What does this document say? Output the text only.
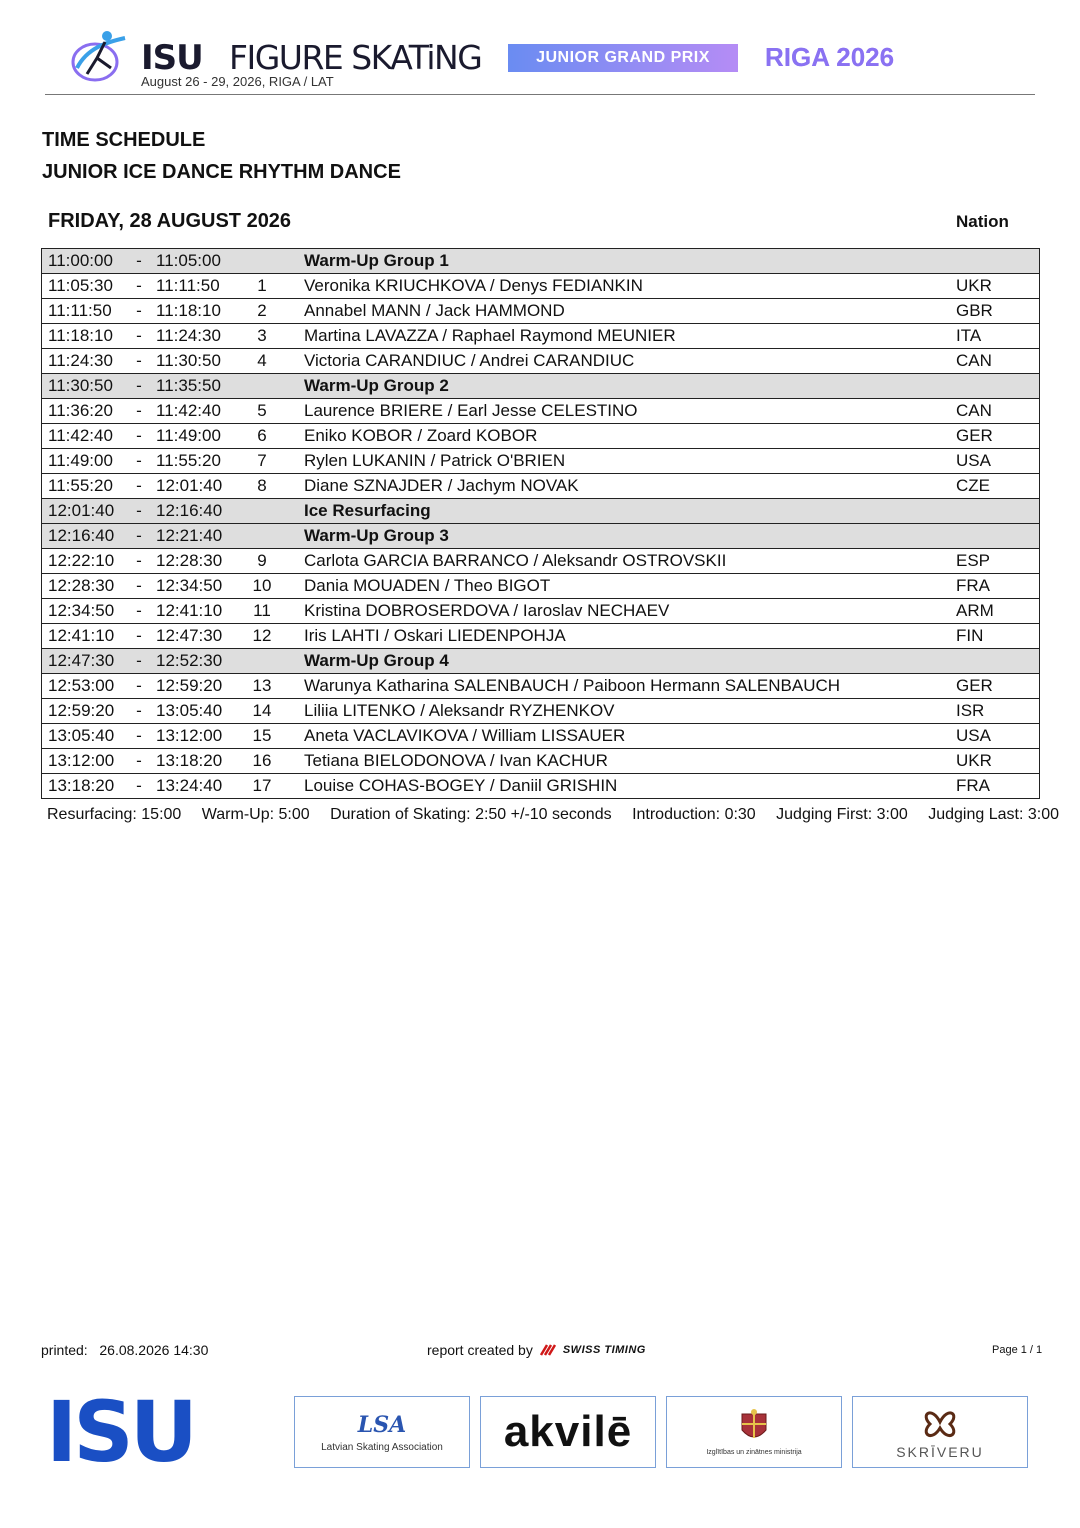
ISU FIGURE SKATiNG
August 26 - 29, 2026, RIGA / LAT
JUNIOR GRAND PRIX	RIGA 2026
TIME SCHEDULE
JUNIOR ICE DANCE RHYTHM DANCE
FRIDAY, 28 AUGUST 2026	Nation
11:00:00	-	11:05:00		Warm-Up Group 1	
11:05:30	-	11:11:50	1	Veronika KRIUCHKOVA / Denys FEDIANKIN	UKR
11:11:50	-	11:18:10	2	Annabel MANN / Jack HAMMOND	GBR
11:18:10	-	11:24:30	3	Martina LAVAZZA / Raphael Raymond MEUNIER	ITA
11:24:30	-	11:30:50	4	Victoria CARANDIUC / Andrei CARANDIUC	CAN
11:30:50	-	11:35:50		Warm-Up Group 2	
11:36:20	-	11:42:40	5	Laurence BRIERE / Earl Jesse CELESTINO	CAN
11:42:40	-	11:49:00	6	Eniko KOBOR / Zoard KOBOR	GER
11:49:00	-	11:55:20	7	Rylen LUKANIN / Patrick O'BRIEN	USA
11:55:20	-	12:01:40	8	Diane SZNAJDER / Jachym NOVAK	CZE
12:01:40	-	12:16:40		Ice Resurfacing	
12:16:40	-	12:21:40		Warm-Up Group 3	
12:22:10	-	12:28:30	9	Carlota GARCIA BARRANCO / Aleksandr OSTROVSKII	ESP
12:28:30	-	12:34:50	10	Dania MOUADEN / Theo BIGOT	FRA
12:34:50	-	12:41:10	11	Kristina DOBROSERDOVA / Iaroslav NECHAEV	ARM
12:41:10	-	12:47:30	12	Iris LAHTI / Oskari LIEDENPOHJA	FIN
12:47:30	-	12:52:30		Warm-Up Group 4	
12:53:00	-	12:59:20	13	Warunya Katharina SALENBAUCH / Paiboon Hermann SALENBAUCH	GER
12:59:20	-	13:05:40	14	Liliia LITENKO / Aleksandr RYZHENKOV	ISR
13:05:40	-	13:12:00	15	Aneta VACLAVIKOVA / William LISSAUER	USA
13:12:00	-	13:18:20	16	Tetiana BIELODONOVA / Ivan KACHUR	UKR
13:18:20	-	13:24:40	17	Louise COHAS-BOGEY / Daniil GRISHIN	FRA
Resurfacing: 15:00 Warm-Up: 5:00 Duration of Skating: 2:50 +/-10 seconds Introduction: 0:30 Judging First: 3:00 Judging Last: 3:00
printed: 26.08.2026 14:30	report created by	SWISS TIMING	Page 1 / 1
ISU	LSA
Latvian Skating Association akvilē	Izglītības un zinātnes ministrija	SKRĪVERU
